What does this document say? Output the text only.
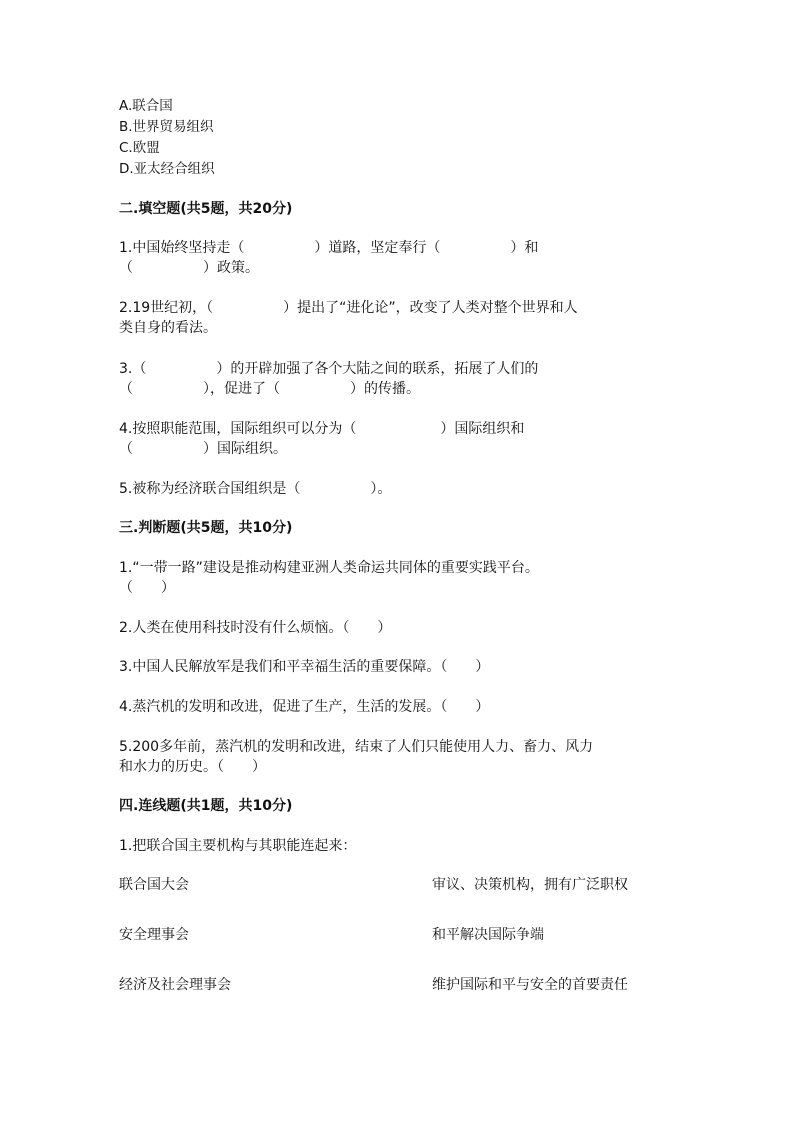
A.联合国
B.世界贸易组织
C.欧盟
D.亚太经合组织
二.填空题(共5题，共20分)
1.中国始终坚持走（　　　　　）道路，坚定奉行（　　　　　）和
（　　　　　）政策。
2.19世纪初，（　　　　　）提出了“进化论”，改变了人类对整个世界和人
类自身的看法。
3.（　　　　　）的开辟加强了各个大陆之间的联系，拓展了人们的
（　　　　　），促进了（　　　　　）的传播。
4.按照职能范围，国际组织可以分为（　　　　　　）国际组织和
（　　　　　）国际组织。
5.被称为经济联合国组织是（　　　　　）。
三.判断题(共5题，共10分)
1.“一带一路”建设是推动构建亚洲人类命运共同体的重要实践平台。
（　　）
2.人类在使用科技时没有什么烦恼。（　　）
3.中国人民解放军是我们和平幸福生活的重要保障。（　　）
4.蒸汽机的发明和改进，促进了生产，生活的发展。（　　）
5.200多年前，蒸汽机的发明和改进，结束了人们只能使用人力、畜力、风力
和水力的历史。（　　）
四.连线题(共1题，共10分)
1.把联合国主要机构与其职能连起来：
联合国大会	审议、决策机构，拥有广泛职权
安全理事会	和平解决国际争端
经济及社会理事会	维护国际和平与安全的首要责任
